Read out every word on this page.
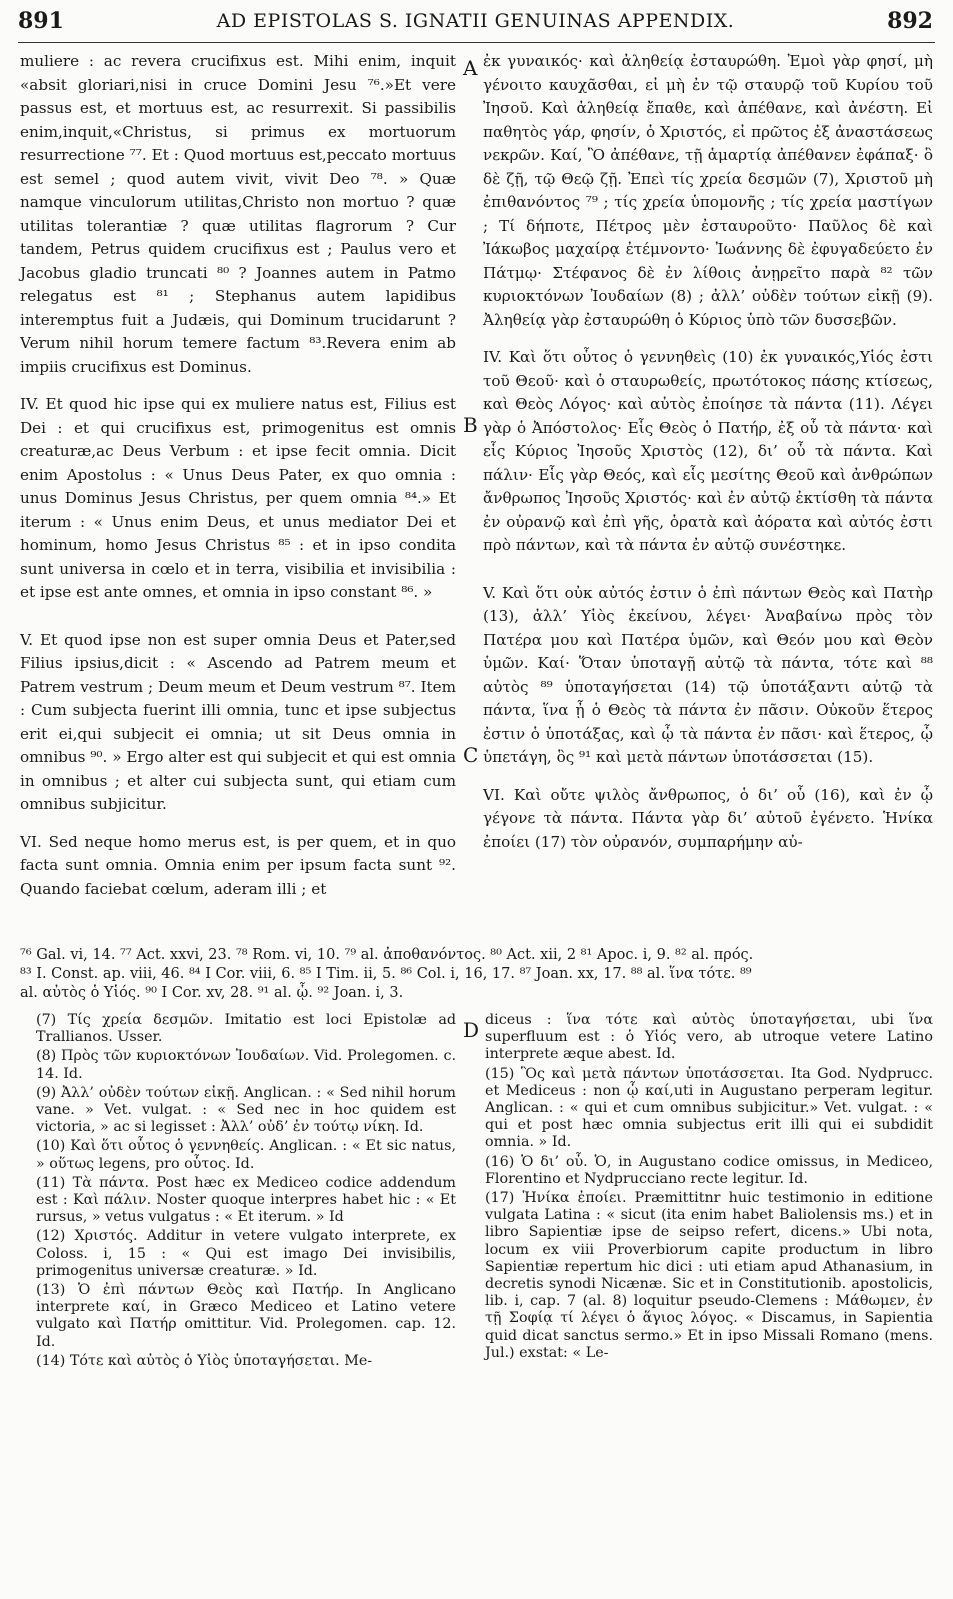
891	AD EPISTOLAS S. IGNATII GENUINAS APPENDIX.	892
A
B
C
D

muliere : ac revera crucifixus est. Mihi enim, inquit «absit gloriari,nisi in cruce Domini Jesu ⁷⁶.»Et vere passus est, et mortuus est, ac resurrexit. Si passibilis enim,inquit,«Christus, si primus ex mortuorum resurrectione ⁷⁷. Et : Quod mortuus est,peccato mortuus est semel ; quod autem vivit, vivit Deo ⁷⁸. » Quæ namque vinculorum utilitas,Christo non mortuo ? quæ utilitas tolerantiæ ? quæ utilitas flagrorum ? Cur tandem, Petrus quidem crucifixus est ; Paulus vero et Jacobus gladio truncati ⁸⁰ ? Joannes autem in Patmo relegatus est ⁸¹ ; Stephanus autem lapidibus interemptus fuit a Judæis, qui Dominum trucidarunt ? Verum nihil horum temere factum ⁸³.Revera enim ab impiis crucifixus est Dominus.

IV. Et quod hic ipse qui ex muliere natus est, Filius est Dei : et qui crucifixus est, primogenitus est omnis creaturæ,ac Deus Verbum : et ipse fecit omnia. Dicit enim Apostolus : « Unus Deus Pater, ex quo omnia : unus Dominus Jesus Christus, per quem omnia ⁸⁴.» Et iterum : « Unus enim Deus, et unus mediator Dei et hominum, homo Jesus Christus ⁸⁵ : et in ipso condita sunt universa in cœlo et in terra, visibilia et invisibilia : et ipse est ante omnes, et omnia in ipso constant ⁸⁶. »

V. Et quod ipse non est super omnia Deus et Pater,sed Filius ipsius,dicit : « Ascendo ad Patrem meum et Patrem vestrum ; Deum meum et Deum vestrum ⁸⁷. Item : Cum subjecta fuerint illi omnia, tunc et ipse subjectus erit ei,qui subjecit ei omnia; ut sit Deus omnia in omnibus ⁹⁰. » Ergo alter est qui subjecit et qui est omnia in omnibus ; et alter cui subjecta sunt, qui etiam cum omnibus subjicitur.

VI. Sed neque homo merus est, is per quem, et in quo facta sunt omnia. Omnia enim per ipsum facta sunt ⁹². Quando faciebat cœlum, aderam illi ; et

ἐκ γυναικός· καὶ ἀληθείᾳ ἐσταυρώθη. Ἐμοὶ γὰρ φησί, μὴ γένοιτο καυχᾶσθαι, εἰ μὴ ἐν τῷ σταυρῷ τοῦ Κυρίου τοῦ Ἰησοῦ. Καὶ ἀληθείᾳ ἔπαθε, καὶ ἀπέθανε, καὶ ἀνέστη. Εἰ παθητὸς γάρ, φησίν, ὁ Χριστός, εἰ πρῶτος ἐξ ἀναστάσεως νεκρῶν. Καί, Ὃ ἀπέθανε, τῇ ἁμαρτίᾳ ἀπέθανεν ἐφάπαξ· ὃ δὲ ζῇ, τῷ Θεῷ ζῇ. Ἐπεὶ τίς χρεία δεσμῶν (7), Χριστοῦ μὴ ἐπιθανόντος ⁷⁹ ; τίς χρεία ὑπομονῆς ; τίς χρεία μαστίγων ; Τί δήποτε, Πέτρος μὲν ἐσταυροῦτο· Παῦλος δὲ καὶ Ἰάκωβος μαχαίρᾳ ἐτέμνοντο· Ἰωάννης δὲ ἐφυγαδεύετο ἐν Πάτμῳ· Στέφανος δὲ ἐν λίθοις ἀνῃρεῖτο παρὰ ⁸² τῶν κυριοκτόνων Ἰουδαίων (8) ; ἀλλ’ οὐδὲν τούτων εἰκῇ (9). Ἀληθείᾳ γὰρ ἐσταυρώθη ὁ Κύριος ὑπὸ τῶν δυσσεβῶν.

IV. Καὶ ὅτι οὗτος ὁ γεννηθεὶς (10) ἐκ γυναικός,Υἱός ἐστι τοῦ Θεοῦ· καὶ ὁ σταυρωθείς, πρωτότοκος πάσης κτίσεως, καὶ Θεὸς Λόγος· καὶ αὐτὸς ἐποίησε τὰ πάντα (11). Λέγει γὰρ ὁ Ἀπόστολος· Εἷς Θεὸς ὁ Πατήρ, ἐξ οὗ τὰ πάντα· καὶ εἷς Κύριος Ἰησοῦς Χριστὸς (12), δι’ οὗ τὰ πάντα. Καὶ πάλιν· Εἷς γὰρ Θεός, καὶ εἷς μεσίτης Θεοῦ καὶ ἀνθρώπων ἄνθρωπος Ἰησοῦς Χριστός· καὶ ἐν αὐτῷ ἐκτίσθη τὰ πάντα ἐν οὐρανῷ καὶ ἐπὶ γῆς, ὁρατὰ καὶ ἀόρατα καὶ αὐτός ἐστι πρὸ πάντων, καὶ τὰ πάντα ἐν αὐτῷ συνέστηκε.

V. Καὶ ὅτι οὐκ αὐτός ἐστιν ὁ ἐπὶ πάντων Θεὸς καὶ Πατὴρ (13), ἀλλ’ Υἱὸς ἐκείνου, λέγει· Ἀναβαίνω πρὸς τὸν Πατέρα μου καὶ Πατέρα ὑμῶν, καὶ Θεόν μου καὶ Θεὸν ὑμῶν. Καί· Ὅταν ὑποταγῇ αὐτῷ τὰ πάντα, τότε καὶ ⁸⁸ αὐτὸς ⁸⁹ ὑποταγήσεται (14) τῷ ὑποτάξαντι αὐτῷ τὰ πάντα, ἵνα ᾖ ὁ Θεὸς τὰ πάντα ἐν πᾶσιν. Οὐκοῦν ἕτερος ἐστιν ὁ ὑποτάξας, καὶ ᾧ τὰ πάντα ἐν πᾶσι· καὶ ἕτερος, ᾧ ὑπετάγη, ὃς ⁹¹ καὶ μετὰ πάντων ὑποτάσσεται (15).

VI. Καὶ οὔτε ψιλὸς ἄνθρωπος, ὁ δι’ οὗ (16), καὶ ἐν ᾧ γέγονε τὰ πάντα. Πάντα γὰρ δι’ αὐτοῦ ἐγένετο. Ἡνίκα ἐποίει (17) τὸν οὐρανόν, συμπαρήμην αὐ-

⁷⁶ Gal. vi, 14. ⁷⁷ Act. xxvi, 23. ⁷⁸ Rom. vi, 10. ⁷⁹ al. ἀποθανόντος. ⁸⁰ Act. xii, 2 ⁸¹ Apoc. i, 9. ⁸² al. πρός.
⁸³ I. Const. ap. viii, 46. ⁸⁴ I Cor. viii, 6. ⁸⁵ I Tim. ii, 5. ⁸⁶ Col. i, 16, 17. ⁸⁷ Joan. xx, 17. ⁸⁸ al. ἵνα τότε. ⁸⁹
al. αὐτὸς ὁ Υἱός. ⁹⁰ I Cor. xv, 28. ⁹¹ al. ᾧ. ⁹² Joan. i, 3.

(7) Τίς χρεία δεσμῶν. Imitatio est loci Epistolæ ad Trallianos. Usser.

(8) Πρὸς τῶν κυριοκτόνων Ἰουδαίων. Vid. Prolegomen. c. 14. Id.

(9) Ἀλλ’ οὐδὲν τούτων εἰκῇ. Anglican. : « Sed nihil horum vane. » Vet. vulgat. : « Sed nec in hoc quidem est victoria, » ac si legisset : Ἀλλ’ οὐδ’ ἐν τούτῳ νίκη. Id.

(10) Καὶ ὅτι οὗτος ὁ γεννηθείς. Anglican. : « Et sic natus, » οὕτως legens, pro οὗτος. Id.

(11) Τὰ πάντα. Post hæc ex Mediceo codice addendum est : Καὶ πάλιν. Noster quoque interpres habet hic : « Et rursus, » vetus vulgatus : « Et iterum. » Id

(12) Χριστός. Additur in vetere vulgato interprete, ex Coloss. i, 15 : « Qui est imago Dei invisibilis, primogenitus universæ creaturæ. » Id.

(13) Ὁ ἐπὶ πάντων Θεὸς καὶ Πατήρ. In Anglicano interprete καί, in Græco Mediceo et Latino vetere vulgato καὶ Πατήρ omittitur. Vid. Prolegomen. cap. 12. Id.

(14) Τότε καὶ αὐτὸς ὁ Υἱὸς ὑποταγήσεται. Me-

diceus : ἵνα τότε καὶ αὐτὸς ὑποταγήσεται, ubi ἵνα superfluum est : ὁ Υἱός vero, ab utroque vetere Latino interprete æque abest. Id.

(15) Ὃς καὶ μετὰ πάντων ὑποτάσσεται. Ita God. Nydprucc. et Mediceus : non ᾧ καί,uti in Augustano perperam legitur. Anglican. : « qui et cum omnibus subjicitur.» Vet. vulgat. : « qui et post hæc omnia subjectus erit illi qui ei subdidit omnia. » Id.

(16) Ὁ δι’ οὗ. Ὁ, in Augustano codice omissus, in Mediceo, Florentino et Nydprucciano recte legitur. Id.

(17) Ἡνίκα ἐποίει. Præmittitnr huic testimonio in editione vulgata Latina : « sicut (ita enim habet Baliolensis ms.) et in libro Sapientiæ ipse de seipso refert, dicens.» Ubi nota, locum ex viii Proverbiorum capite productum in libro Sapientiæ repertum hic dici : uti etiam apud Athanasium, in decretis synodi Nicænæ. Sic et in Constitutionib. apostolicis, lib. i, cap. 7 (al. 8) loquitur pseudo-Clemens : Μάθωμεν, ἐν τῇ Σοφίᾳ τί λέγει ὁ ἅγιος λόγος. « Discamus, in Sapientia quid dicat sanctus sermo.» Et in ipso Missali Romano (mens. Jul.) exstat: « Le-
